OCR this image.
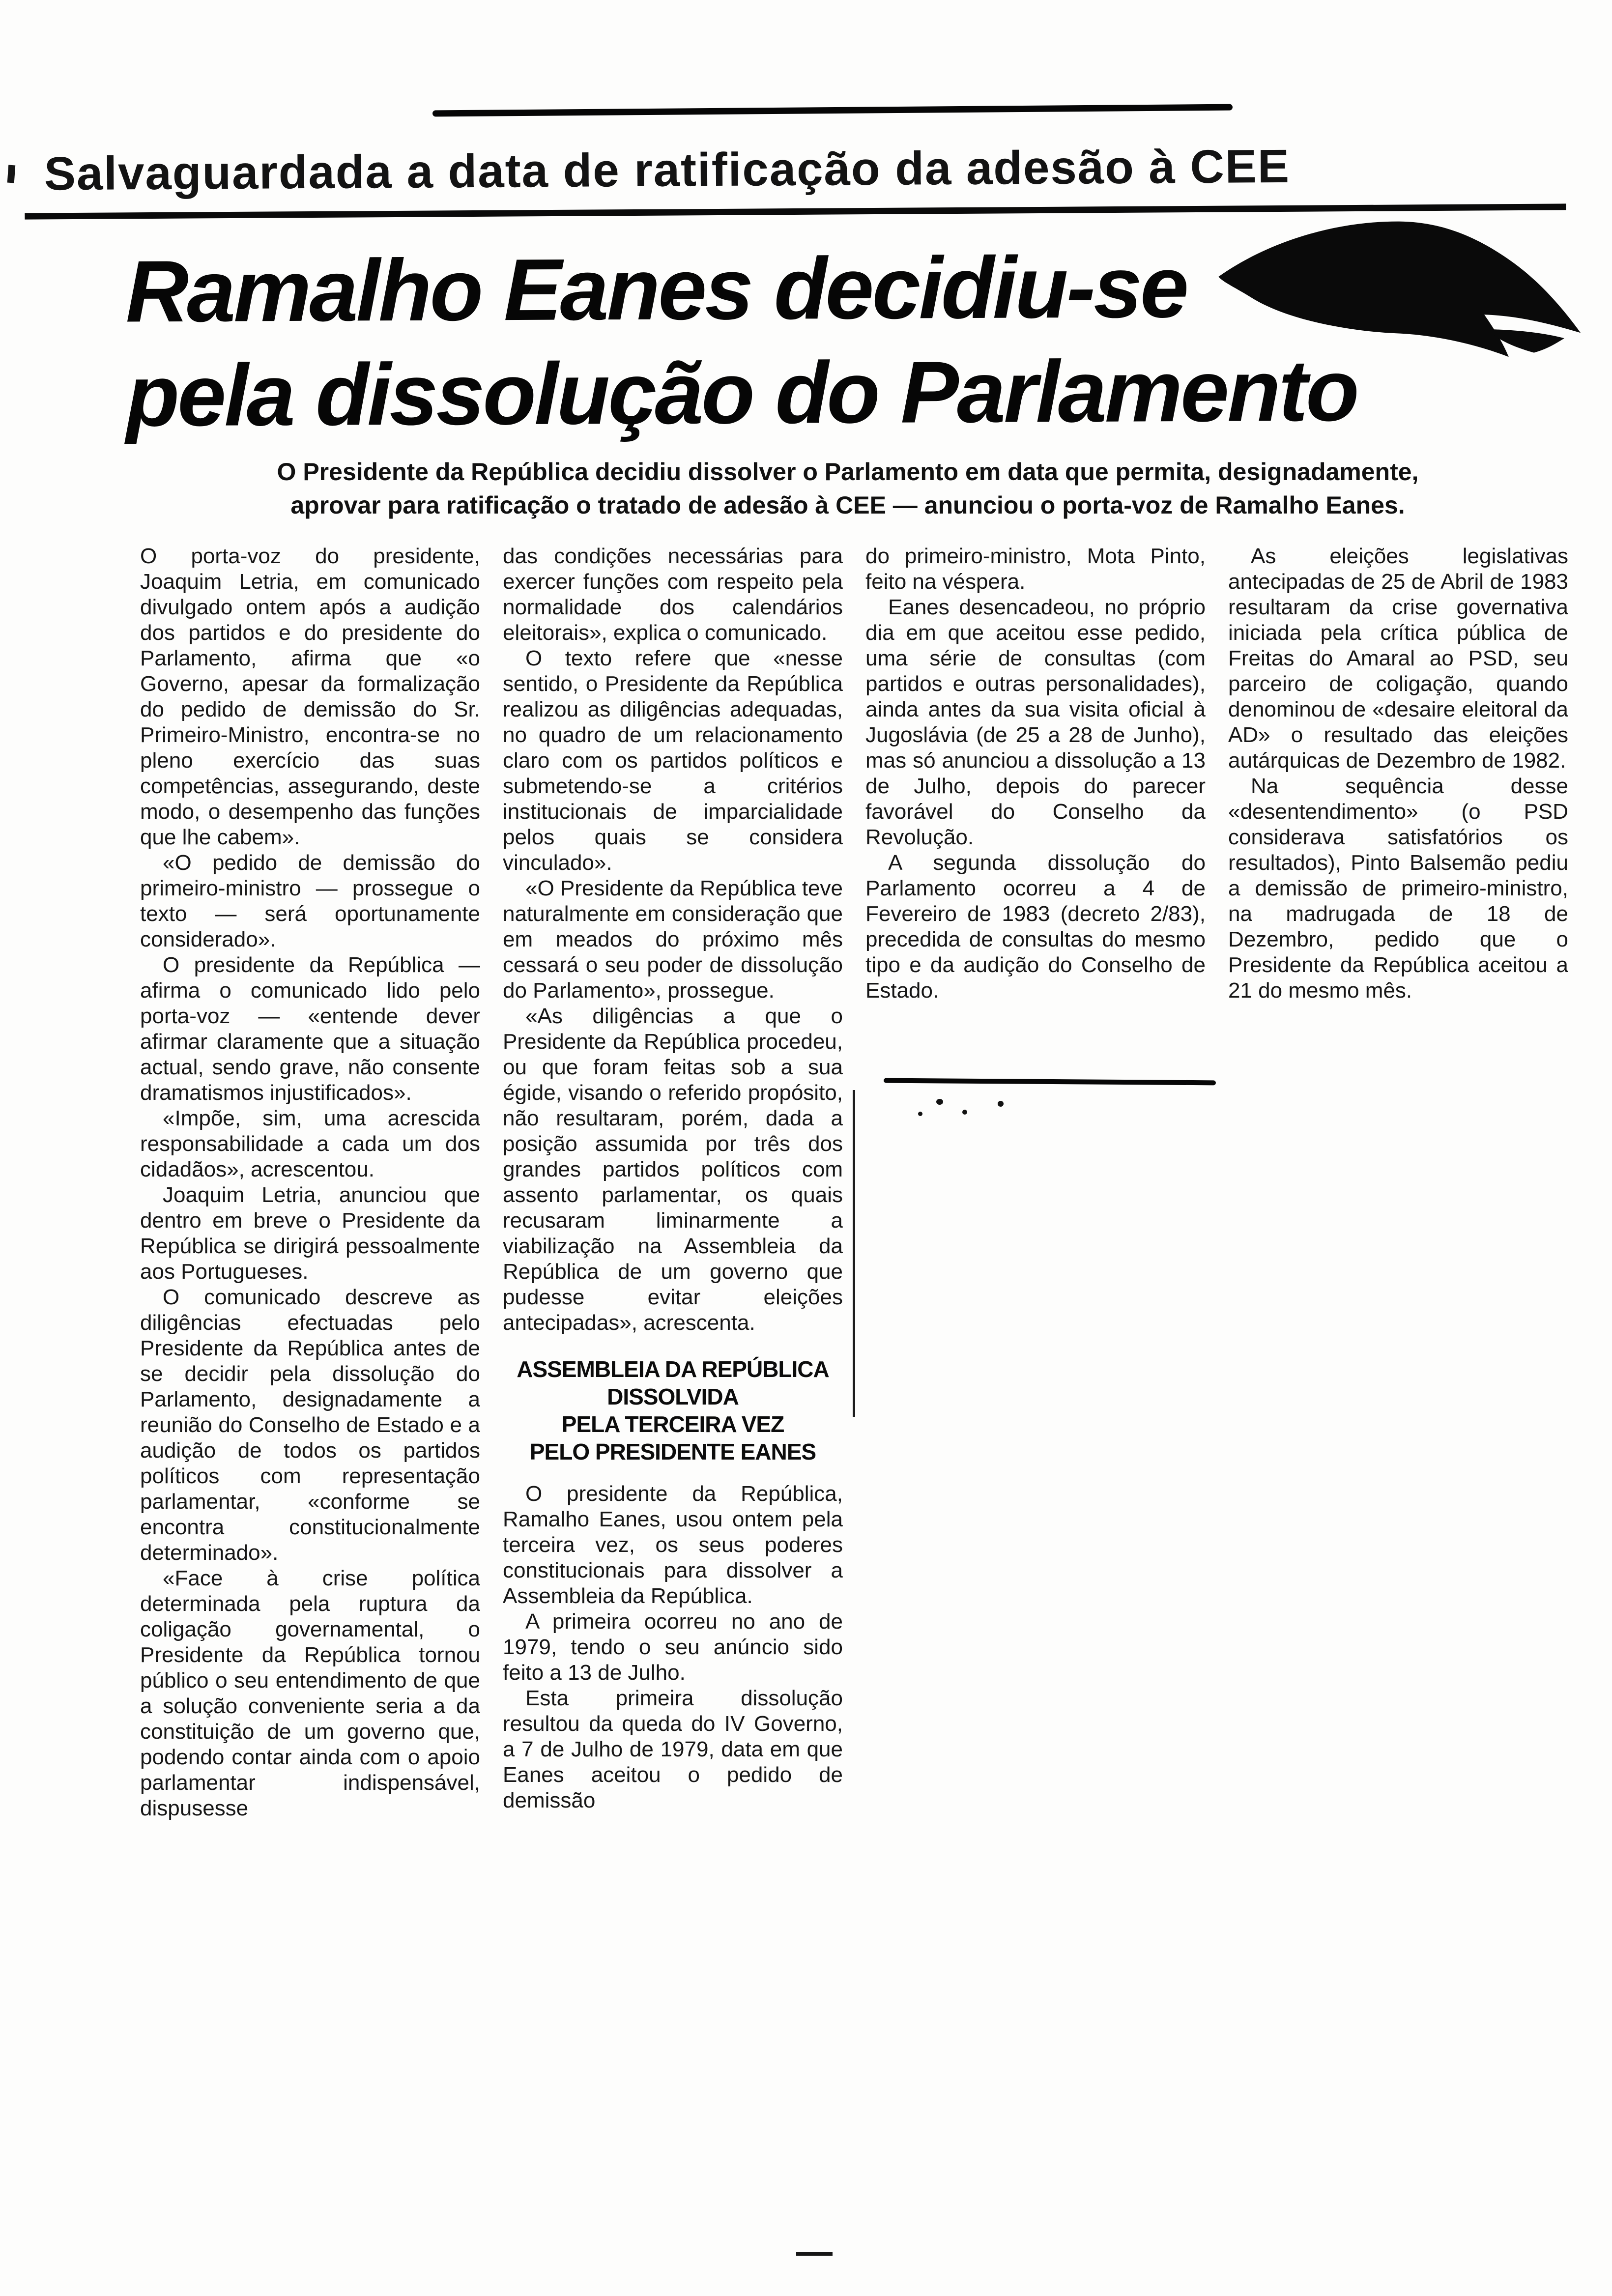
Salvaguardada a data de ratificação da adesão à CEE
Ramalho Eanes decidiu-se
pela dissolução do Parlamento
O Presidente da República decidiu dissolver o Parlamento em data que permita, designadamente,
aprovar para ratificação o tratado de adesão à CEE — anunciou o porta-voz de Ramalho Eanes.

O porta-voz do presidente, Joaquim Letria, em comunicado divulgado ontem após a audição dos partidos e do presidente do Parlamento, afirma que «o Governo, apesar da formalização do pedido de demissão do Sr. Primeiro-Ministro, encontra-se no pleno exercício das suas competências, assegurando, deste modo, o desempenho das funções que lhe cabem».

«O pedido de demissão do primeiro-ministro — prossegue o texto — será oportunamente considerado».

O presidente da República — afirma o comunicado lido pelo porta-voz — «entende dever afirmar claramente que a situação actual, sendo grave, não consente dramatismos injustificados».

«Impõe, sim, uma acrescida responsabilidade a cada um dos cidadãos», acrescentou.

Joaquim Letria, anunciou que dentro em breve o Presidente da República se dirigirá pessoalmente aos Portugueses.

O comunicado descreve as diligências efectuadas pelo Presidente da República antes de se decidir pela dissolução do Parlamento, designadamente a reunião do Conselho de Estado e a audição de todos os partidos políticos com representação parlamentar, «conforme se encontra constitucionalmente determinado».

«Face à crise política determinada pela ruptura da coligação governamental, o Presidente da República tornou público o seu entendimento de que a solução conveniente seria a da constituição de um governo que, podendo contar ainda com o apoio parlamentar indispensável, dispusesse

das condições necessárias para exercer funções com respeito pela normalidade dos calendários eleitorais», explica o comunicado.

O texto refere que «nesse sentido, o Presidente da República realizou as diligências adequadas, no quadro de um relacionamento claro com os partidos políticos e submetendo-se a critérios institucionais de imparcialidade pelos quais se considera vinculado».

«O Presidente da República teve naturalmente em consideração que em meados do próximo mês cessará o seu poder de dissolução do Parlamento», prossegue.

«As diligências a que o Presidente da República procedeu, ou que foram feitas sob a sua égide, visando o referido propósito, não resultaram, porém, dada a posição assumida por três dos grandes partidos políticos com assento parlamentar, os quais recusaram liminarmente a viabilização na Assembleia da República de um governo que pudesse evitar eleições antecipadas», acrescenta.

ASSEMBLEIA DA REPÚBLICA
DISSOLVIDA
PELA TERCEIRA VEZ
PELO PRESIDENTE EANES

O presidente da República, Ramalho Eanes, usou ontem pela terceira vez, os seus poderes constitucionais para dissolver a Assembleia da República.

A primeira ocorreu no ano de 1979, tendo o seu anúncio sido feito a 13 de Julho.

Esta primeira dissolução resultou da queda do IV Governo, a 7 de Julho de 1979, data em que Eanes aceitou o pedido de demissão

do primeiro-ministro, Mota Pinto, feito na véspera.

Eanes desencadeou, no próprio dia em que aceitou esse pedido, uma série de consultas (com partidos e outras personalidades), ainda antes da sua visita oficial à Jugoslávia (de 25 a 28 de Junho), mas só anunciou a dissolução a 13 de Julho, depois do parecer favorável do Conselho da Revolução.

A segunda dissolução do Parlamento ocorreu a 4 de Fevereiro de 1983 (decreto 2/83), precedida de consultas do mesmo tipo e da audição do Conselho de Estado.

As eleições legislativas antecipadas de 25 de Abril de 1983 resultaram da crise governativa iniciada pela crítica pública de Freitas do Amaral ao PSD, seu parceiro de coligação, quando denominou de «desaire eleitoral da AD» o resultado das eleições autárquicas de Dezembro de 1982.

Na sequência desse «desentendimento» (o PSD considerava satisfatórios os resultados), Pinto Balsemão pediu a demissão de primeiro-ministro, na madrugada de 18 de Dezembro, pedido que o Presidente da República aceitou a 21 do mesmo mês.
